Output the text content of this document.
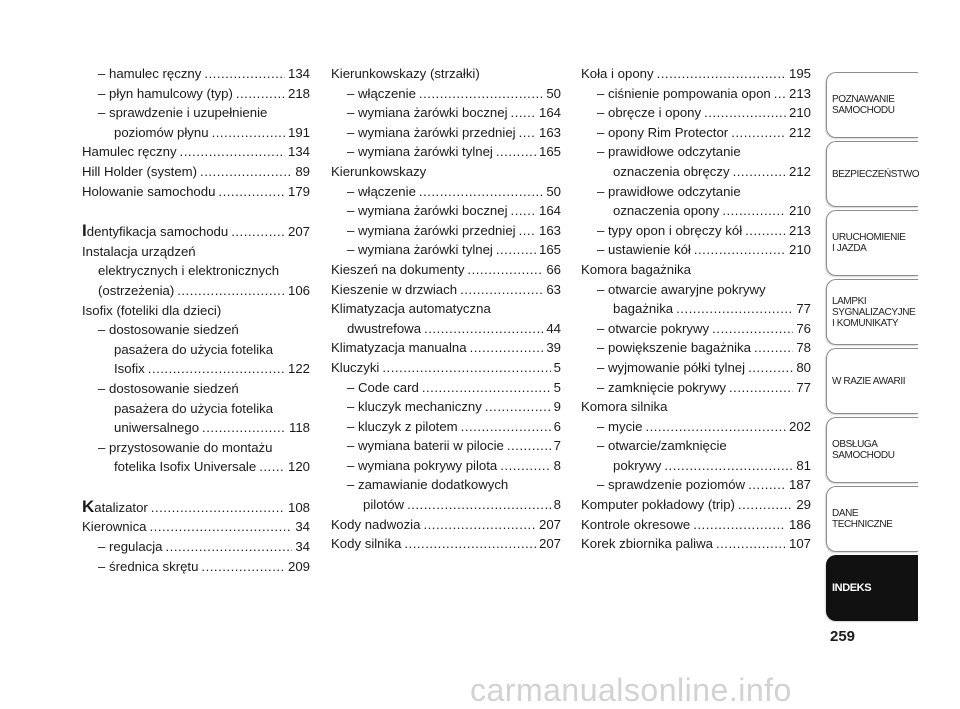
– hamulec ręczny .....	134
– płyn hamulcowy (typ) .....	218
– sprawdzenie i uzupełnienie
poziomów płynu .....	191
Hamulec ręczny .....	134
Hill Holder (system) .....	89
Holowanie samochodu .....	179
Identyfikacja samochodu .....	207
Instalacja urządzeń
elektrycznych i elektronicznych
(ostrzeżenia) .....	106
Isofix (foteliki dla dzieci)
– dostosowanie siedzeń
pasażera do użycia fotelika
Isofix .....	122
– dostosowanie siedzeń
pasażera do użycia fotelika
uniwersalnego .....	118
– przystosowanie do montażu
fotelika Isofix Universale ..... 120
Katalizator .....	108
Kierownica .....	34
– regulacja .....	34
– średnica skrętu .....	209
Kierunkowskazy (strzałki)
– włączenie .....	50
– wymiana żarówki bocznej ..... 164
– wymiana żarówki przedniej ..... 163
– wymiana żarówki tylnej .....	165
Kierunkowskazy
– włączenie .....	50
– wymiana żarówki bocznej ..... 164
– wymiana żarówki przedniej ..... 163
– wymiana żarówki tylnej .....	165
Kieszeń na dokumenty .....	66
Kieszenie w drzwiach .....	63
Klimatyzacja automatyczna
dwustrefowa .....	44
Klimatyzacja manualna .....	39
Kluczyki .....	5
– Code card .....	5
– kluczyk mechaniczny .....	9
– kluczyk z pilotem .....	6
– wymiana baterii w pilocie .....	7
– wymiana pokrywy pilota .....	8
– zamawianie dodatkowych
pilotów .....	8
Kody nadwozia .....	207
Kody silnika .....	207
Koła i opony .....	195
– ciśnienie pompowania opon ..... 213
– obręcze i opony .....	210
– opony Rim Protector .....	212
– prawidłowe odczytanie
oznaczenia obręczy .....	212
– prawidłowe odczytanie
oznaczenia opony .....	210
– typy opon i obręczy kół .....	213
– ustawienie kół .....	210
Komora bagażnika
– otwarcie awaryjne pokrywy
bagażnika .....	77
– otwarcie pokrywy .....	76
– powiększenie bagażnika .....	78
– wyjmowanie półki tylnej .....	80
– zamknięcie pokrywy .....	77
Komora silnika
– mycie .....	202
– otwarcie/zamknięcie
pokrywy .....	81
– sprawdzenie poziomów .....	187
Komputer pokładowy (trip) .....	29
Kontrole okresowe .....	186
Korek zbiornika paliwa .....	107
POZNAWANIE
SAMOCHODU
BEZPIECZEŃSTWO
URUCHOMIENIE
I JAZDA
LAMPKI
SYGNALIZACYJNE
I KOMUNIKATY
W RAZIE AWARII
OBSŁUGA
SAMOCHODU
DANE
TECHNICZNE
INDEKS
259
carmanualsonline.info
